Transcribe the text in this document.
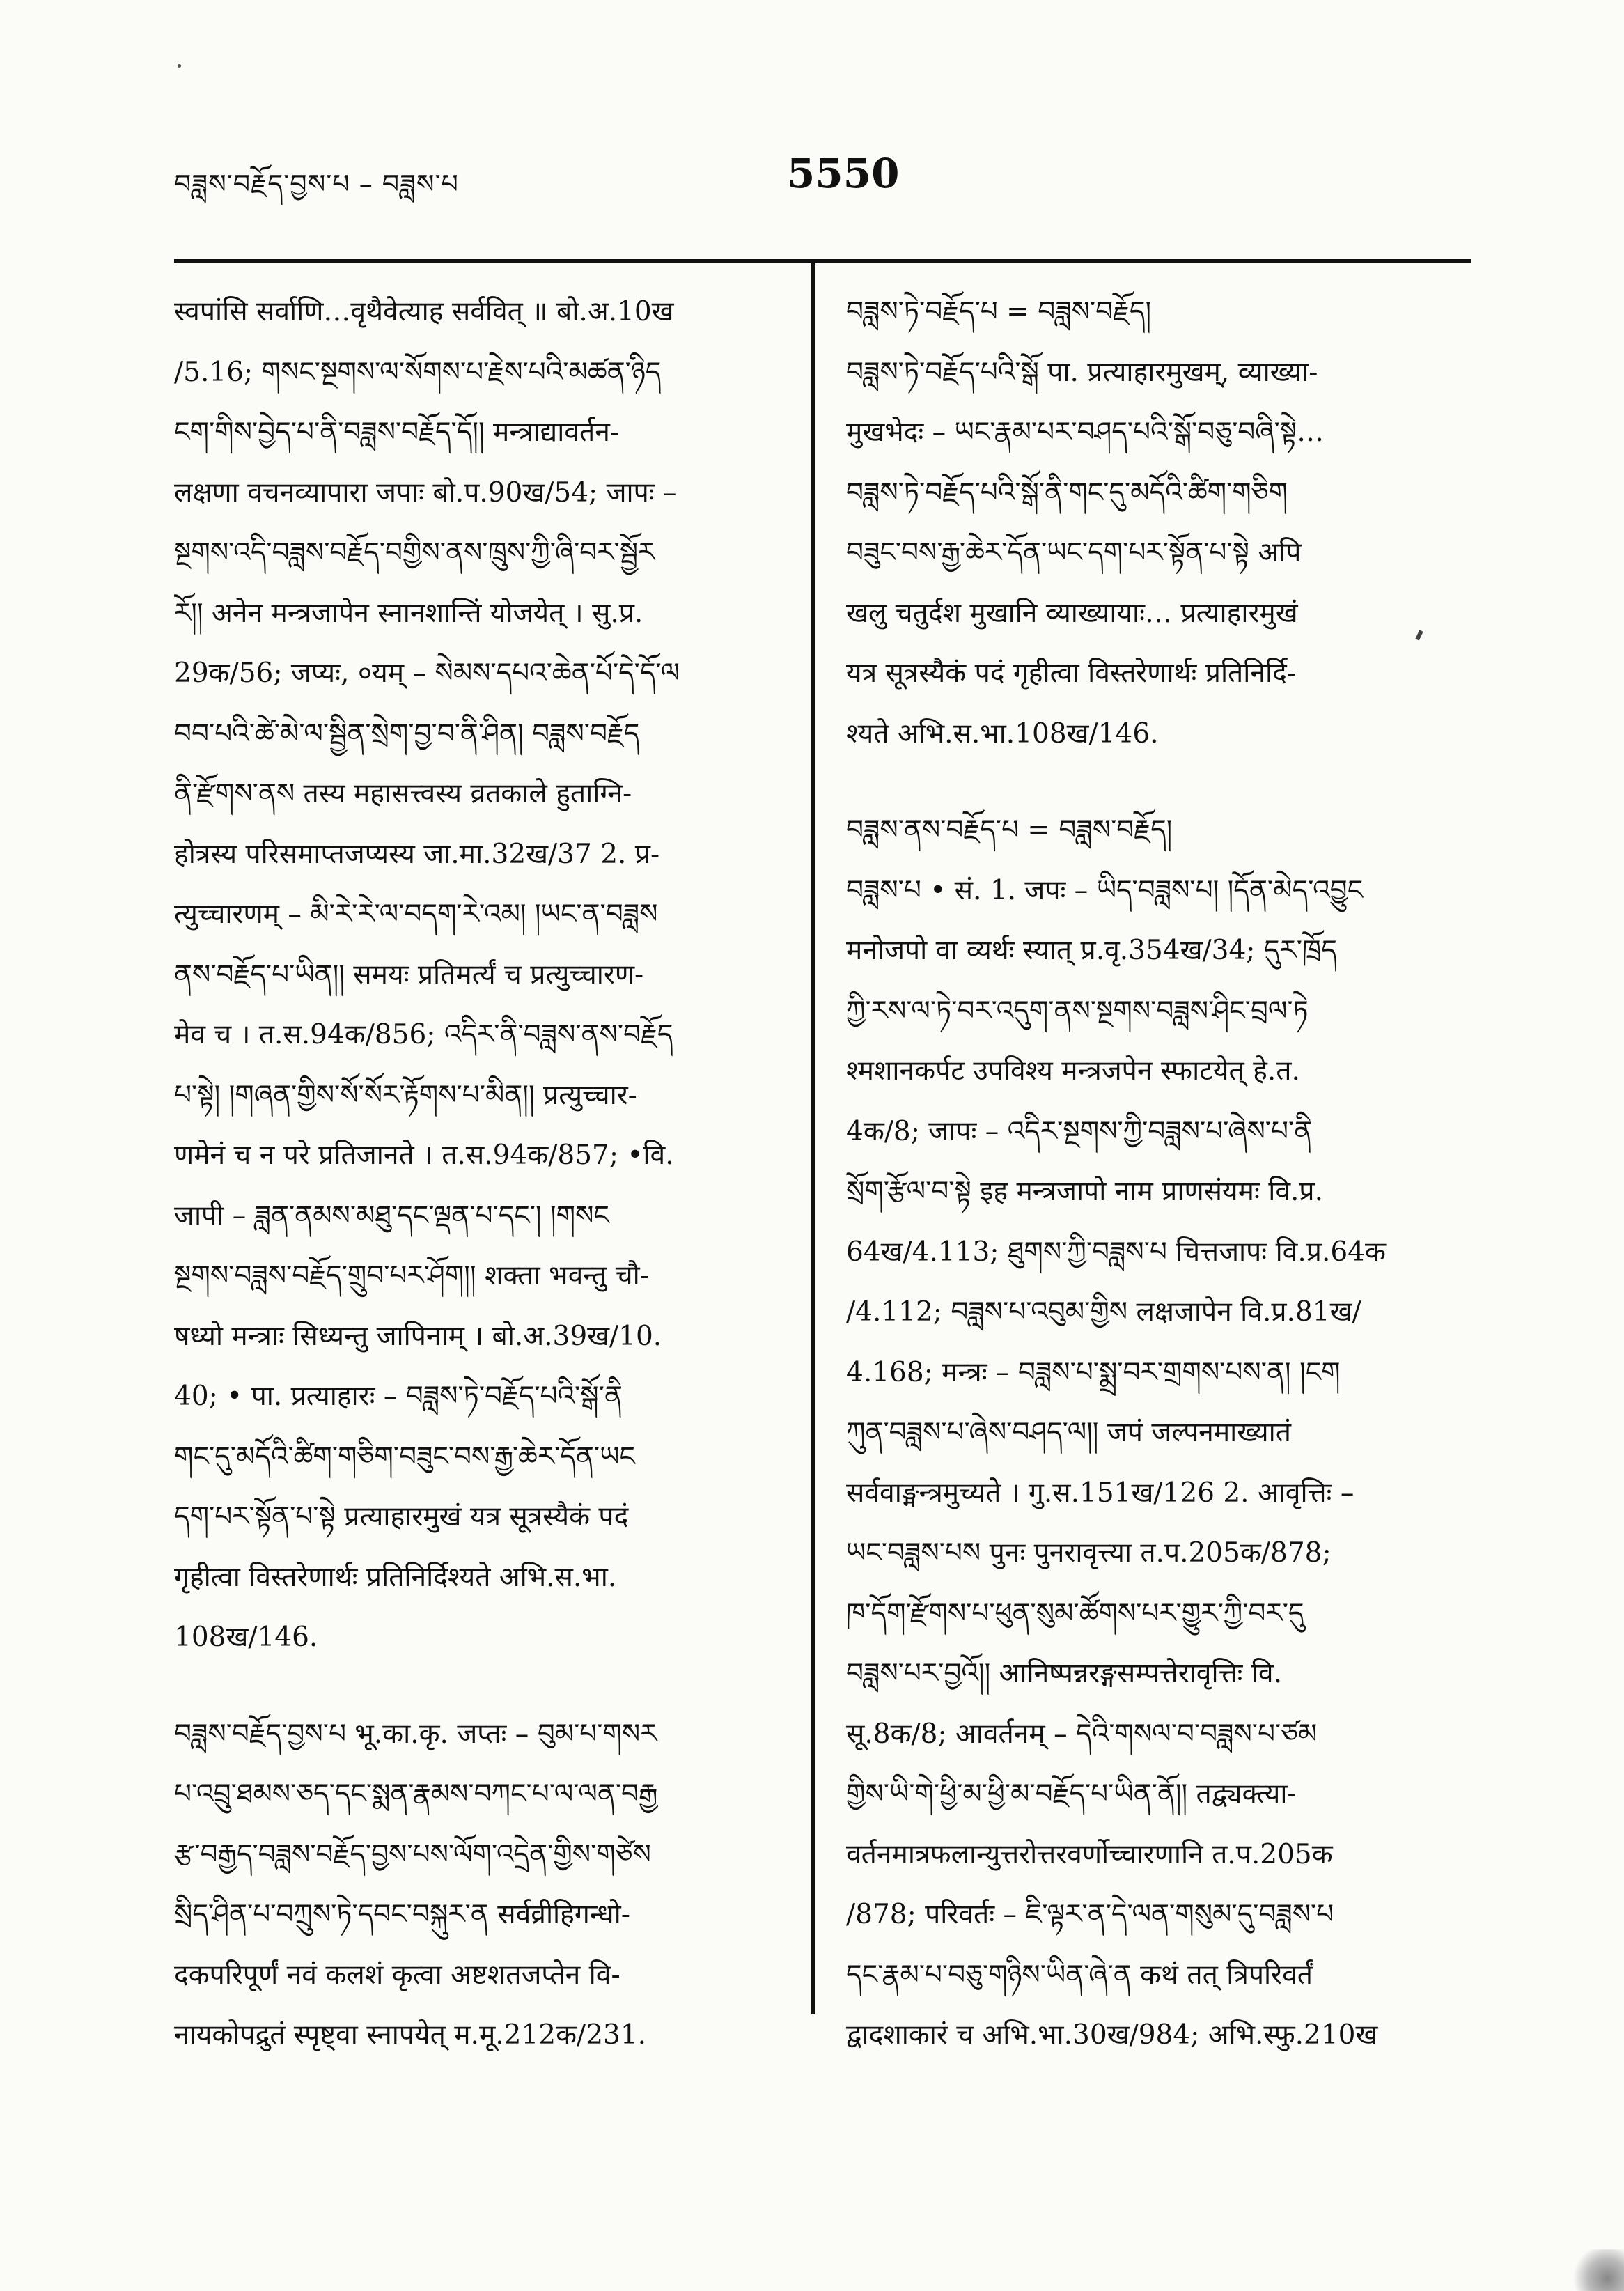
བཟླས་བརྗོད་བྱས་པ – བཟླས་པ	5550
स्वपांसि सर्वाणि…वृथैवेत्याह सर्ववित् ॥ बो.अ.10ख
/5.16; གསང་སྔགས་ལ་སོགས་པ་རྗེས་པའི་མཚན་ཉིད
ངག་གིས་བྱེད་པ་ནི་བཟླས་བརྗོད་དོ།། मन्त्राद्यावर्तन-
लक्षणा वचनव्यापारा जपाः बो.प.90ख/54; जापः –
སྔགས་འདི་བཟླས་བརྗོད་བགྱིས་ནས་ཁྲུས་ཀྱི་ཞི་བར་སྦྱོར
རོ།། अनेन मन्त्रजापेन स्नानशान्तिं योजयेत् । सु.प्र.
29क/56; जप्यः, ०यम् – སེམས་དཔའ་ཆེན་པོ་དེ་དོ་ལ
བབ་པའི་ཚེ་མེ་ལ་སྦྱིན་སྲེག་བྱ་བ་ནི་ཤིན། བཟླས་བརྗོད
ནི་རྫོགས་ནས तस्य महासत्त्वस्य व्रतकाले हुताग्नि-
होत्रस्य परिसमाप्तजप्यस्य जा.मा.32ख/37 2. प्र-
त्युच्चारणम् – མི་རེ་རེ་ལ་བདག་རེ་འམ། །ཡང་ན་བཟླས
ནས་བརྗོད་པ་ཡིན།། समयः प्रतिमर्त्यं च प्रत्युच्चारण-
मेव च । त.स.94क/856; འདིར་ནི་བཟླས་ནས་བརྗོད
པ་སྟེ། །གཞན་གྱིས་སོ་སོར་རྟོགས་པ་མིན།། प्रत्युच्चार-
णमेनं च न परे प्रतिजानते । त.स.94क/857; •वि.
जापी – ཟླན་ནམས་མཐུ་དང་ལྡན་པ་དང་། །གསང
སྔགས་བཟླས་བརྗོད་གྲུབ་པར་ཤོག།། शक्ता भवन्तु चौ-
षध्यो मन्त्राः सिध्यन्तु जापिनाम् । बो.अ.39ख/10.
40; • पा. प्रत्याहारः – བཟླས་ཏེ་བརྗོད་པའི་སྒོ་ནི
གང་དུ་མདོའི་ཚིག་གཅིག་བཟུང་བས་རྒྱ་ཆེར་དོན་ཡང
དག་པར་སྟོན་པ་སྟེ प्रत्याहारमुखं यत्र सूत्रस्यैकं पदं
गृहीत्वा विस्तरेणार्थः प्रतिनिर्दिश्यते अभि.स.भा.
108ख/146.
བཟླས་བརྗོད་བྱས་པ भू.का.कृ. जप्तः – བུམ་པ་གསར
པ་འབྲུ་ཐམས་ཅད་དང་སྨན་རྣམས་བཀང་པ་ལ་ལན་བརྒྱ
རྩ་བརྒྱད་བཟླས་བརྗོད་བྱས་པས་ལོག་འདྲེན་གྱིས་གཙེས
སྲིད་ཤིན་པ་བཀྲུས་ཏེ་དབང་བསྐུར་ན सर्वव्रीहिगन्धो-
दकपरिपूर्णं नवं कलशं कृत्वा अष्टशतजप्तेन वि-
नायकोपद्रुतं स्पृष्ट्वा स्नापयेत् म.मू.212क/231.
བཟླས་ཏེ་བརྗོད་པ = བཟླས་བརྗོད།
བཟླས་ཏེ་བརྗོད་པའི་སྒོ पा. प्रत्याहारमुखम्, व्याख्या-
मुखभेदः – ཡང་རྣམ་པར་བཤད་པའི་སྒོ་བཅུ་བཞི་སྟེ…
བཟླས་ཏེ་བརྗོད་པའི་སྒོ་ནི་གང་དུ་མདོའི་ཚིག་གཅིག
བཟུང་བས་རྒྱ་ཆེར་དོན་ཡང་དག་པར་སྟོན་པ་སྟེ अपि
खलु चतुर्दश मुखानि व्याख्यायाः… प्रत्याहारमुखं
यत्र सूत्रस्यैकं पदं गृहीत्वा विस्तरेणार्थः प्रतिनिर्दि-
श्यते अभि.स.भा.108ख/146.
བཟླས་ནས་བརྗོད་པ = བཟླས་བརྗོད།
བཟླས་པ • सं. 1. जपः – ཡིད་བཟླས་པ། །དོན་མེད་འབྱུང
मनोजपो वा व्यर्थः स्यात् प्र.वृ.354ख/34; དུར་ཁྲོད
ཀྱི་རས་ལ་ཏེ་བར་འདུག་ནས་སྔགས་བཟླས་ཤིང་བྲལ་ཏེ
श्मशानकर्पट उपविश्य मन्त्रजपेन स्फाटयेत् हे.त.
4क/8; जापः – འདིར་སྔགས་ཀྱི་བཟླས་པ་ཞེས་པ་ནི
སྲོག་རྩོལ་བ་སྟེ इह मन्त्रजापो नाम प्राणसंयमः वि.प्र.
64ख/4.113; ཐུགས་ཀྱི་བཟླས་པ चित्तजापः वि.प्र.64क
/4.112; བཟླས་པ་འབུམ་གྱིས लक्षजापेन वि.प्र.81ख/
4.168; मन्त्रः – བཟླས་པ་སྨྲ་བར་གྲགས་པས་ན། །ངག
ཀུན་བཟླས་པ་ཞེས་བཤད་ལ།། जपं जल्पनमाख्यातं
सर्ववाङ्मन्त्रमुच्यते । गु.स.151ख/126 2. आवृत्तिः –
ཡང་བཟླས་པས पुनः पुनरावृत्त्या त.प.205क/878;
ཁ་དོག་རྫོགས་པ་ཕུན་སུམ་ཚོགས་པར་གྱུར་ཀྱི་བར་དུ
བཟླས་པར་བྱའོ།། आनिष्पन्नरङ्गसम्पत्तेरावृत्तिः वि.
सू.8क/8; आवर्तनम् – དེའི་གསལ་བ་བཟླས་པ་ཙམ
གྱིས་ཡི་གེ་ཕྱི་མ་ཕྱི་མ་བརྗོད་པ་ཡིན་ནོ།། तद्व्यक्त्या-
वर्तनमात्रफलान्युत्तरोत्तरवर्णोच्चारणानि त.प.205क
/878; परिवर्तः – ཇི་ལྟར་ན་དེ་ལན་གསུམ་དུ་བཟླས་པ
དང་རྣམ་པ་བཅུ་གཉིས་ཡིན་ཞེ་ན कथं तत् त्रिपरिवर्तं
द्वादशाकारं च अभि.भा.30ख/984; अभि.स्फु.210ख
